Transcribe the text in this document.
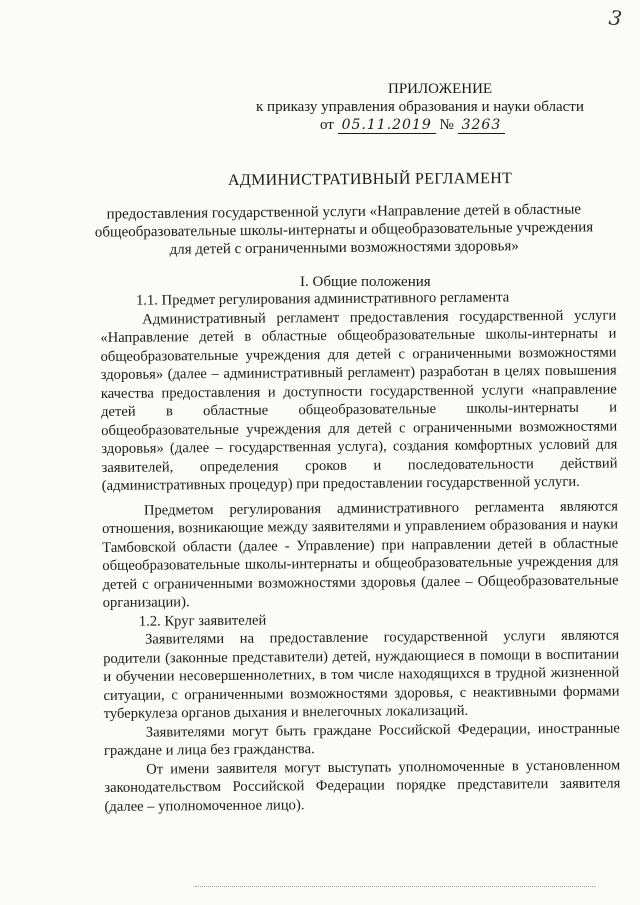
3
ПРИЛОЖЕНИЕ
к приказу управления образования и науки области
от 05.11.2019 № 3263
АДМИНИСТРАТИВНЫЙ РЕГЛАМЕНТ
предоставления государственной услуги «Направление детей в областные общеобразовательные школы-интернаты и общеобразовательные учреждения для детей с ограниченными возможностями здоровья»
I. Общие положения

1.1. Предмет регулирования административного регламента

Административный регламент предоставления государственной услуги «Направление детей в областные общеобразовательные школы-интернаты и общеобразовательные учреждения для детей с ограниченными возможностями здоровья» (далее – административный регламент) разработан в целях повышения качества предоставления и доступности государственной услуги «направление детей в областные общеобразовательные школы-интернаты и общеобразовательные учреждения для детей с ограниченными возможностями здоровья» (далее – государственная услуга), создания комфортных условий для заявителей, определения сроков и последовательности действий (административных процедур) при предоставлении государственной услуги.

Предметом регулирования административного регламента являются отношения, возникающие между заявителями и управлением образования и науки Тамбовской области (далее - Управление) при направлении детей в областные общеобразовательные школы-интернаты и общеобразовательные учреждения для детей с ограниченными возможностями здоровья (далее – Общеобразовательные организации).

1.2. Круг заявителей

Заявителями на предоставление государственной услуги являются родители (законные представители) детей, нуждающиеся в помощи в воспитании и обучении несовершеннолетних, в том числе находящихся в трудной жизненной ситуации, с ограниченными возможностями здоровья, с неактивными формами туберкулеза органов дыхания и внелегочных локализаций.

Заявителями могут быть граждане Российской Федерации, иностранные граждане и лица без гражданства.

От имени заявителя могут выступать уполномоченные в установленном законодательством Российской Федерации порядке представители заявителя (далее – уполномоченное лицо).
